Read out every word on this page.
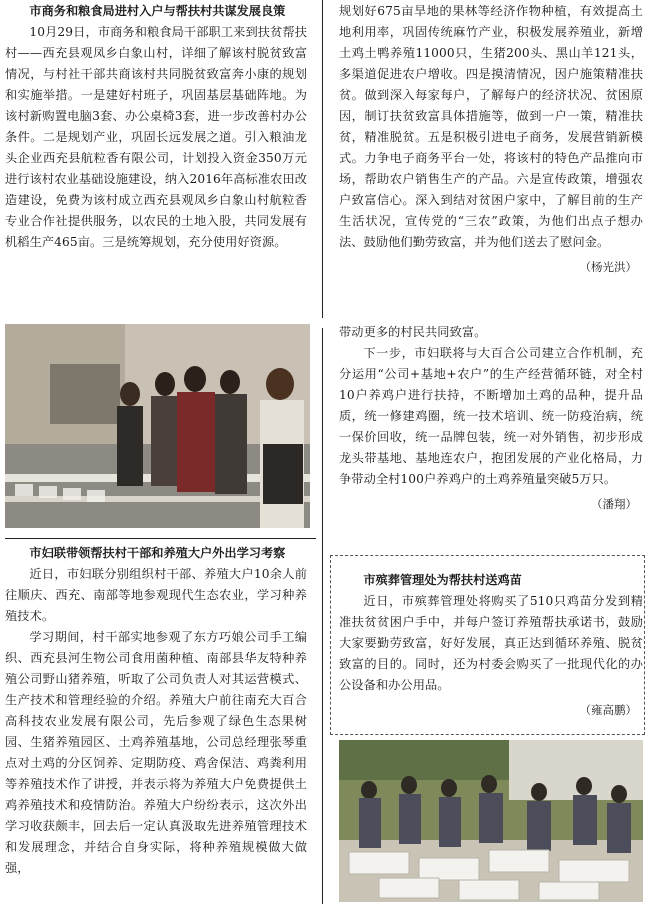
市商务和粮食局进村入户与帮扶村共谋发展良策

10月29日，市商务和粮食局干部职工来到扶贫帮扶村——西充县观凤乡白象山村，详细了解该村脱贫致富情况，与村社干部共商该村共同脱贫致富奔小康的规划和实施举措。一是建好村班子，巩固基层基础阵地。为该村新购置电脑3套、办公桌椅3套，进一步改善村办公条件。二是规划产业，巩固长远发展之道。引入粮油龙头企业西充县航粒香有限公司，计划投入资金350万元进行该村农业基础设施建设，纳入2016年高标准农田改造建设，免费为该村成立西充县观凤乡白象山村航粒香专业合作社提供服务，以农民的土地入股，共同发展有机稻生产465亩。三是统筹规划，充分使用好资源。

规划好675亩旱地的果林等经济作物种植，有效提高土地利用率，巩固传统麻竹产业，积极发展养殖业，新增土鸡土鸭养殖11000只，生猪200头、黑山羊121头，多渠道促进农户增收。四是摸清情况，因户施策精准扶贫。做到深入每家每户，了解每户的经济状况、贫困原因，制订扶贫致富具体措施等，做到一户一策，精准扶贫，精准脱贫。五是积极引进电子商务，发展营销新模式。力争电子商务平台一处，将该村的特色产品推向市场，帮助农户销售生产的产品。六是宣传政策，增强农户致富信心。深入到结对贫困户家中，了解目前的生产生活状况，宣传党的“三农”政策，为他们出点子想办法、鼓励他们勤劳致富，并为他们送去了慰问金。

（杨光洪）

市妇联带领帮扶村干部和养殖大户外出学习考察

近日，市妇联分别组织村干部、养殖大户10余人前往顺庆、西充、南部等地参观现代生态农业，学习种养殖技术。

学习期间，村干部实地参观了东方巧娘公司手工编织、西充县河生物公司食用菌种植、南部县华友特种养殖公司野山猪养殖，听取了公司负责人对其运营模式、生产技术和管理经验的介绍。养殖大户前往南充大百合高科技农业发展有限公司，先后参观了绿色生态果树园、生猪养殖园区、土鸡养殖基地，公司总经理张琴重点对土鸡的分区饲养、定期防疫、鸡舍保洁、鸡粪利用等养殖技术作了讲授，并表示将为养殖大户免费提供土鸡养殖技术和疫情防治。养殖大户纷纷表示，这次外出学习收获颇丰，回去后一定认真汲取先进养殖管理技术和发展理念，并结合自身实际，将种养殖规模做大做强，

带动更多的村民共同致富。

下一步，市妇联将与大百合公司建立合作机制，充分运用“公司+基地+农户”的生产经营循环链，对全村10户养鸡户进行扶持，不断增加土鸡的品种，提升品质，统一修建鸡圈，统一技术培训、统一防疫治病，统一保价回收，统一品牌包装，统一对外销售，初步形成龙头带基地、基地连农户，抱团发展的产业化格局，力争带动全村100户养鸡户的土鸡养殖量突破5万只。

（潘翔）

市殡葬管理处为帮扶村送鸡苗

近日，市殡葬管理处将购买了510只鸡苗分发到精准扶贫贫困户手中，并每户签订养殖帮扶承诺书，鼓励大家要勤劳致富，好好发展，真正达到循环养殖、脱贫致富的目的。同时，还为村委会购买了一批现代化的办公设备和办公用品。

（雍高鹏）
